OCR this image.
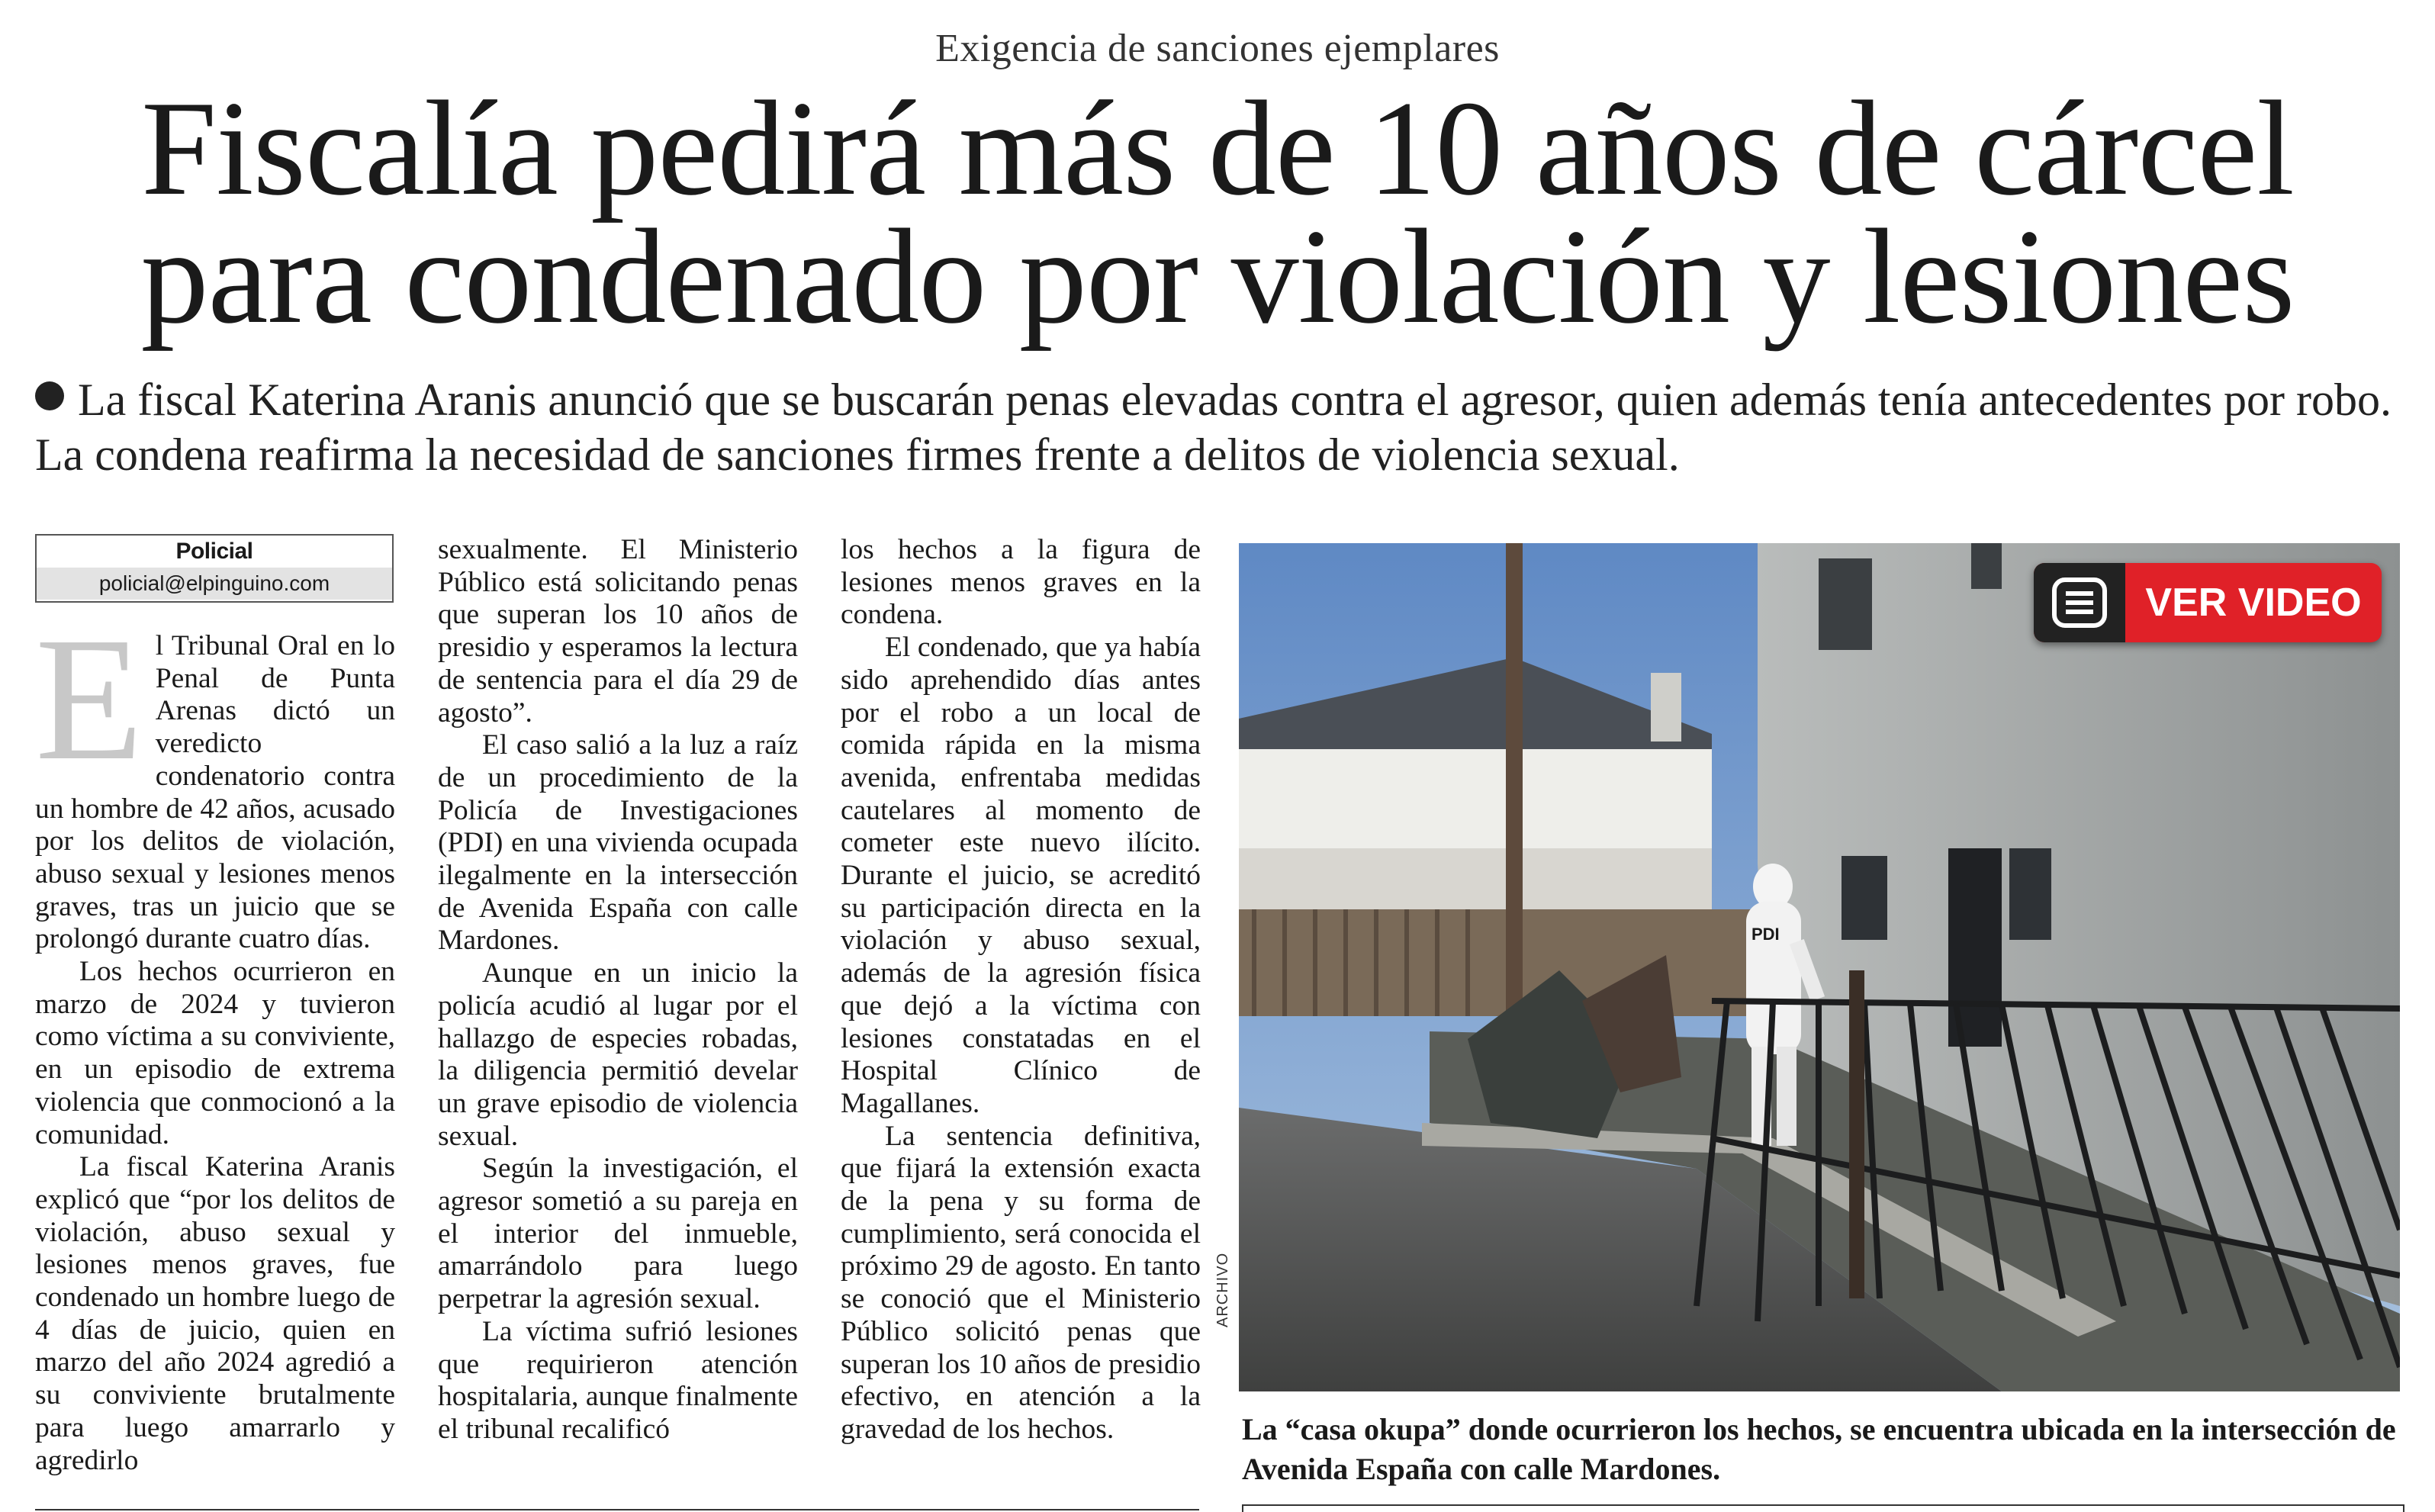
Exigencia de sanciones ejemplares
Fiscalía pedirá más de 10 años de cárcel
para condenado por violación y lesiones
La fiscal Katerina Aranis anunció que se buscarán penas elevadas contra el agresor, quien además tenía antecedentes por robo. La condena reafirma la necesidad de sanciones firmes frente a delitos de violencia sexual.
Policial
policial@elpinguino.com

El Tribunal Oral en lo Penal de Punta Arenas dictó un veredicto condenatorio contra un hombre de 42 años, acusado por los delitos de violación, abuso sexual y lesiones menos graves, tras un juicio que se prolongó durante cuatro días.

Los hechos ocurrieron en marzo de 2024 y tuvieron como víctima a su conviviente, en un episodio de extrema violencia que conmocionó a la comunidad.

La fiscal Katerina Aranis explicó que “por los delitos de violación, abuso sexual y lesiones menos graves, fue condenado un hombre luego de 4 días de juicio, quien en marzo del año 2024 agredió a su conviviente brutalmente para luego amarrarlo y agredirlo

sexualmente. El Ministerio Público está solicitando penas que superan los 10 años de presidio y esperamos la lectura de sentencia para el día 29 de agosto”.

El caso salió a la luz a raíz de un procedimiento de la Policía de Investigaciones (PDI) en una vivienda ocupada ilegalmente en la intersección de Avenida España con calle Mardones.

Aunque en un inicio la policía acudió al lugar por el hallazgo de especies robadas, la diligencia permitió develar un grave episodio de violencia sexual.

Según la investigación, el agresor sometió a su pareja en el interior del inmueble, amarrándolo para luego perpetrar la agresión sexual.

La víctima sufrió lesiones que requirieron atención hospitalaria, aunque finalmente el tribunal recalificó

los hechos a la figura de lesiones menos graves en la condena.

El condenado, que ya había sido aprehendido días antes por el robo a un local de comida rápida en la misma avenida, enfrentaba medidas cautelares al momento de cometer este nuevo ilícito. Durante el juicio, se acreditó su participación directa en la violación y abuso sexual, además de la agresión física que dejó a la víctima con lesiones constatadas en el Hospital Clínico de Magallanes.

La sentencia definitiva, que fijará la extensión exacta de la pena y su forma de cumplimiento, será conocida el próximo 29 de agosto. En tanto se conoció que el Ministerio Público solicitó penas que superan los 10 años de presidio efectivo, en atención a la gravedad de los hechos.

PDI
VER VIDEO
ARCHIVO
La “casa okupa” donde ocurrieron los hechos, se encuentra ubicada en la intersección de Avenida España con calle Mardones.
